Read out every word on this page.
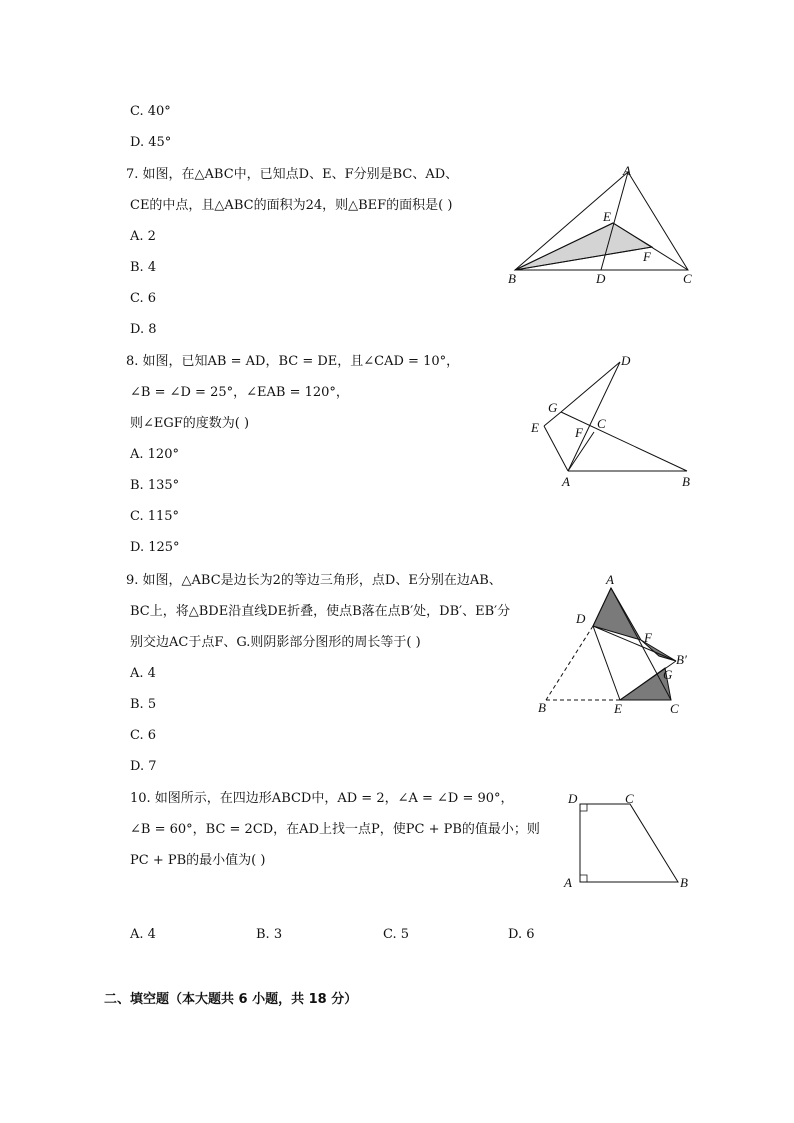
C. 40°
D. 45°
7. 如图，在△ABC中，已知点D、E、F分别是BC、AD、
CE的中点，且△ABC的面积为24，则△BEF的面积是( )
A. 2
B. 4
C. 6
D. 8
A
B	C
D
E
F
8. 如图，已知AB = AD，BC = DE，且∠CAD = 10°，
∠B = ∠D = 25°，∠EAB = 120°，
则∠EGF的度数为( )
A. 120°
B. 135°
C. 115°
D. 125°
D
G
E	F
C
A	B
9. 如图，△ABC是边长为2的等边三角形，点D、E分别在边AB、
BC上，将△BDE沿直线DE折叠，使点B落在点B′处，DB′、EB′分
别交边AC于点F、G.则阴影部分图形的周长等于( )
A. 4
B. 5
C. 6
D. 7
A
D
F
B′
G
B	E	C
10. 如图所示，在四边形ABCD中，AD = 2，∠A = ∠D = 90°，
∠B = 60°，BC = 2CD，在AD上找一点P，使PC + PB的值最小；则
PC + PB的最小值为( )
D	C
A	B
A. 4	B. 3	C. 5	D. 6
二、填空题（本大题共 6 小题，共 18 分）
